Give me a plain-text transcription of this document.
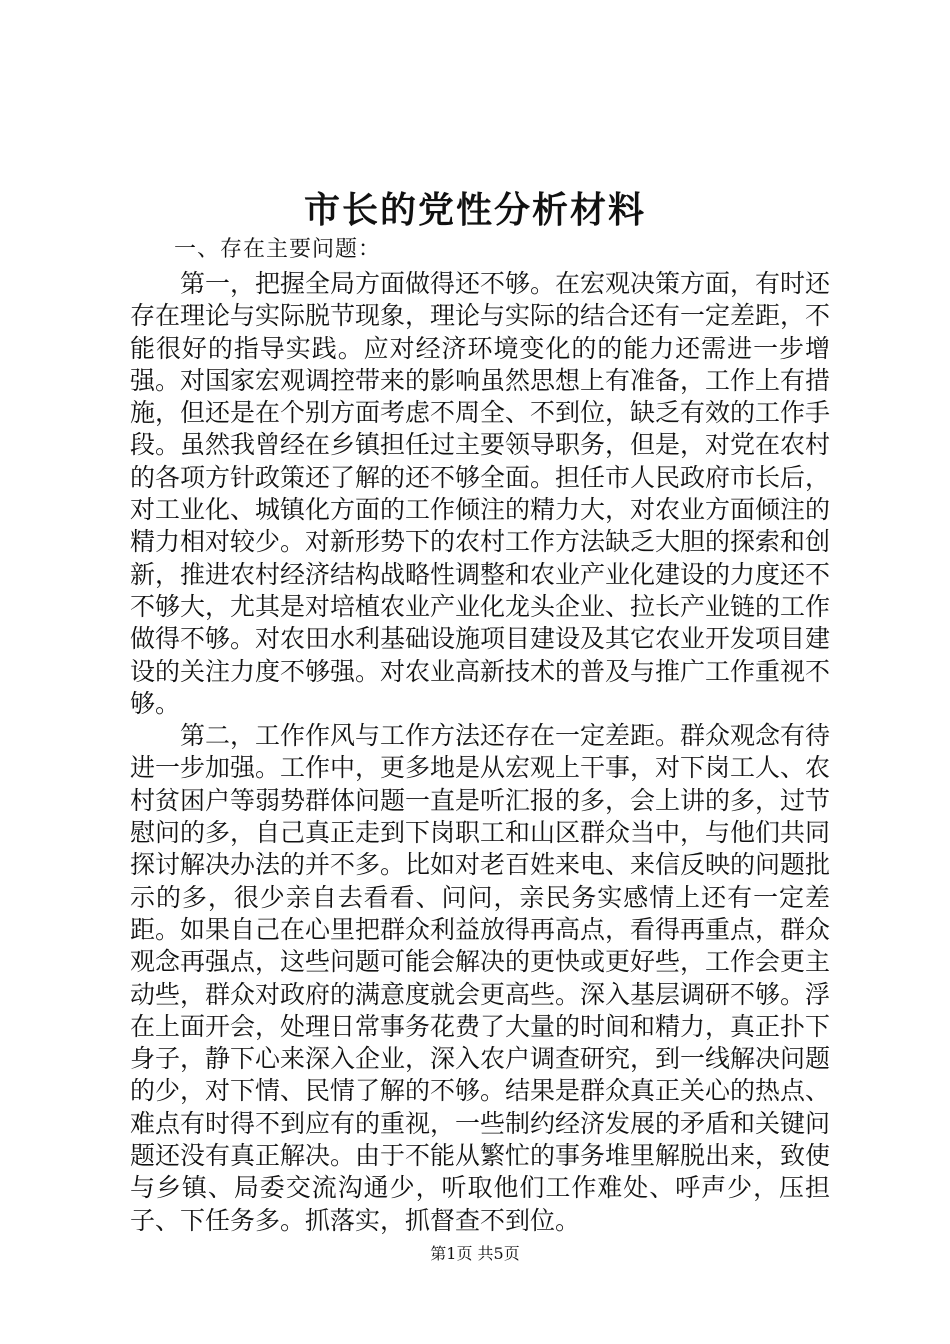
市长的党性分析材料

一、存在主要问题：

第一，把握全局方面做得还不够。在宏观决策方面，有时还存在理论与实际脱节现象，理论与实际的结合还有一定差距，不能很好的指导实践。应对经济环境变化的的能力还需进一步增强。对国家宏观调控带来的影响虽然思想上有准备，工作上有措施，但还是在个别方面考虑不周全、不到位，缺乏有效的工作手段。虽然我曾经在乡镇担任过主要领导职务，但是，对党在农村的各项方针政策还了解的还不够全面。担任市人民政府市长后，对工业化、城镇化方面的工作倾注的精力大，对农业方面倾注的精力相对较少。对新形势下的农村工作方法缺乏大胆的探索和创新，推进农村经济结构战略性调整和农业产业化建设的力度还不不够大，尤其是对培植农业产业化龙头企业、拉长产业链的工作做得不够。对农田水利基础设施项目建设及其它农业开发项目建设的关注力度不够强。对农业高新技术的普及与推广工作重视不够。

第二，工作作风与工作方法还存在一定差距。群众观念有待进一步加强。工作中，更多地是从宏观上干事，对下岗工人、农村贫困户等弱势群体问题一直是听汇报的多，会上讲的多，过节慰问的多，自己真正走到下岗职工和山区群众当中，与他们共同探讨解决办法的并不多。比如对老百姓来电、来信反映的问题批示的多，很少亲自去看看、问问，亲民务实感情上还有一定差距。如果自己在心里把群众利益放得再高点，看得再重点，群众观念再强点，这些问题可能会解决的更快或更好些，工作会更主动些，群众对政府的满意度就会更高些。深入基层调研不够。浮在上面开会，处理日常事务花费了大量的时间和精力，真正扑下身子，静下心来深入企业，深入农户调查研究，到一线解决问题的少，对下情、民情了解的不够。结果是群众真正关心的热点、难点有时得不到应有的重视，一些制约经济发展的矛盾和关键问题还没有真正解决。由于不能从繁忙的事务堆里解脱出来，致使与乡镇、局委交流沟通少，听取他们工作难处、呼声少，压担子、下任务多。抓落实，抓督查不到位。

第1页 共5页
